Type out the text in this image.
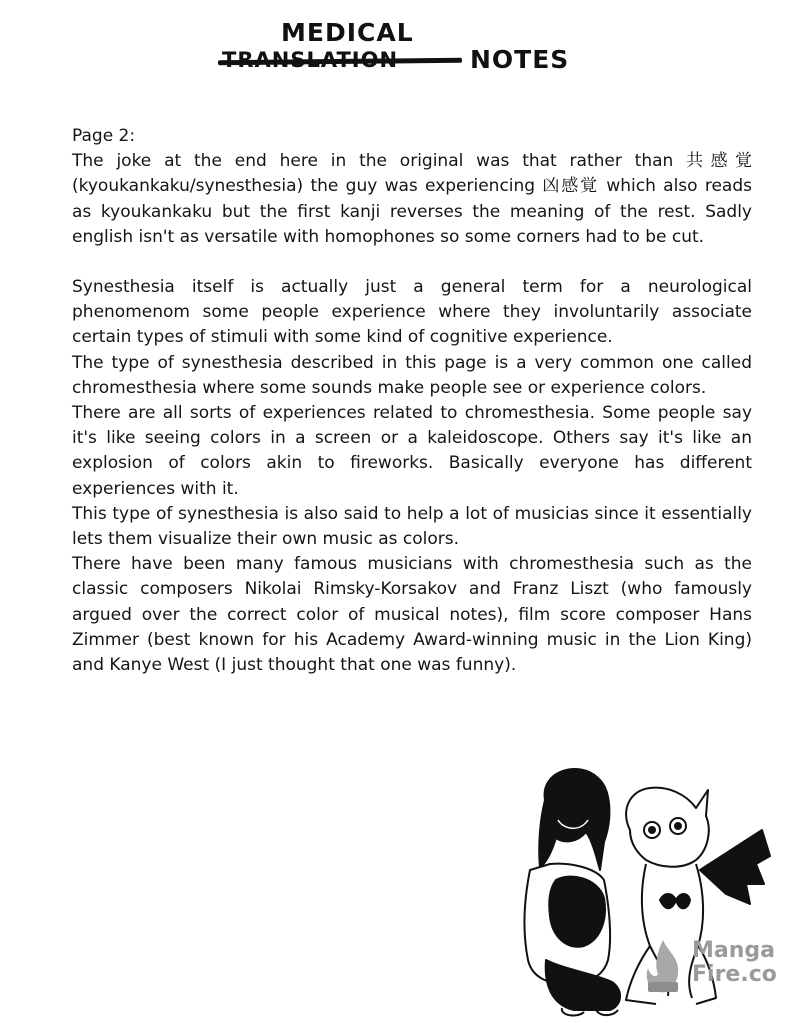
MEDICAL
NOTES

Page 2:

The joke at the end here in the original was that rather than 共感覚 (kyoukankaku/synesthesia) the guy was experiencing 凶感覚 which also reads as kyoukankaku but the first kanji reverses the meaning of the rest. Sadly english isn't as versatile with homophones so some corners had to be cut.

Synesthesia itself is actually just a general term for a neurological phenomenom some people experience where they involuntarily associate certain types of stimuli with some kind of cognitive experience.

The type of synesthesia described in this page is a very common one called chromesthesia where some sounds make people see or experience colors.

There are all sorts of experiences related to chromesthesia. Some people say it's like seeing colors in a screen or a kaleidoscope. Others say it's like an explosion of colors akin to fireworks. Basically everyone has different experiences with it.

This type of synesthesia is also said to help a lot of musicias since it essentially lets them visualize their own music as colors.

There have been many famous musicians with chromesthesia such as the classic composers Nikolai Rimsky-Korsakov and Franz Liszt (who famously argued over the correct color of musical notes), film score composer Hans Zimmer (best known for his Academy Award-winning music in the Lion King) and Kanye West (I just thought that one was funny).

Manga
Fire.co
